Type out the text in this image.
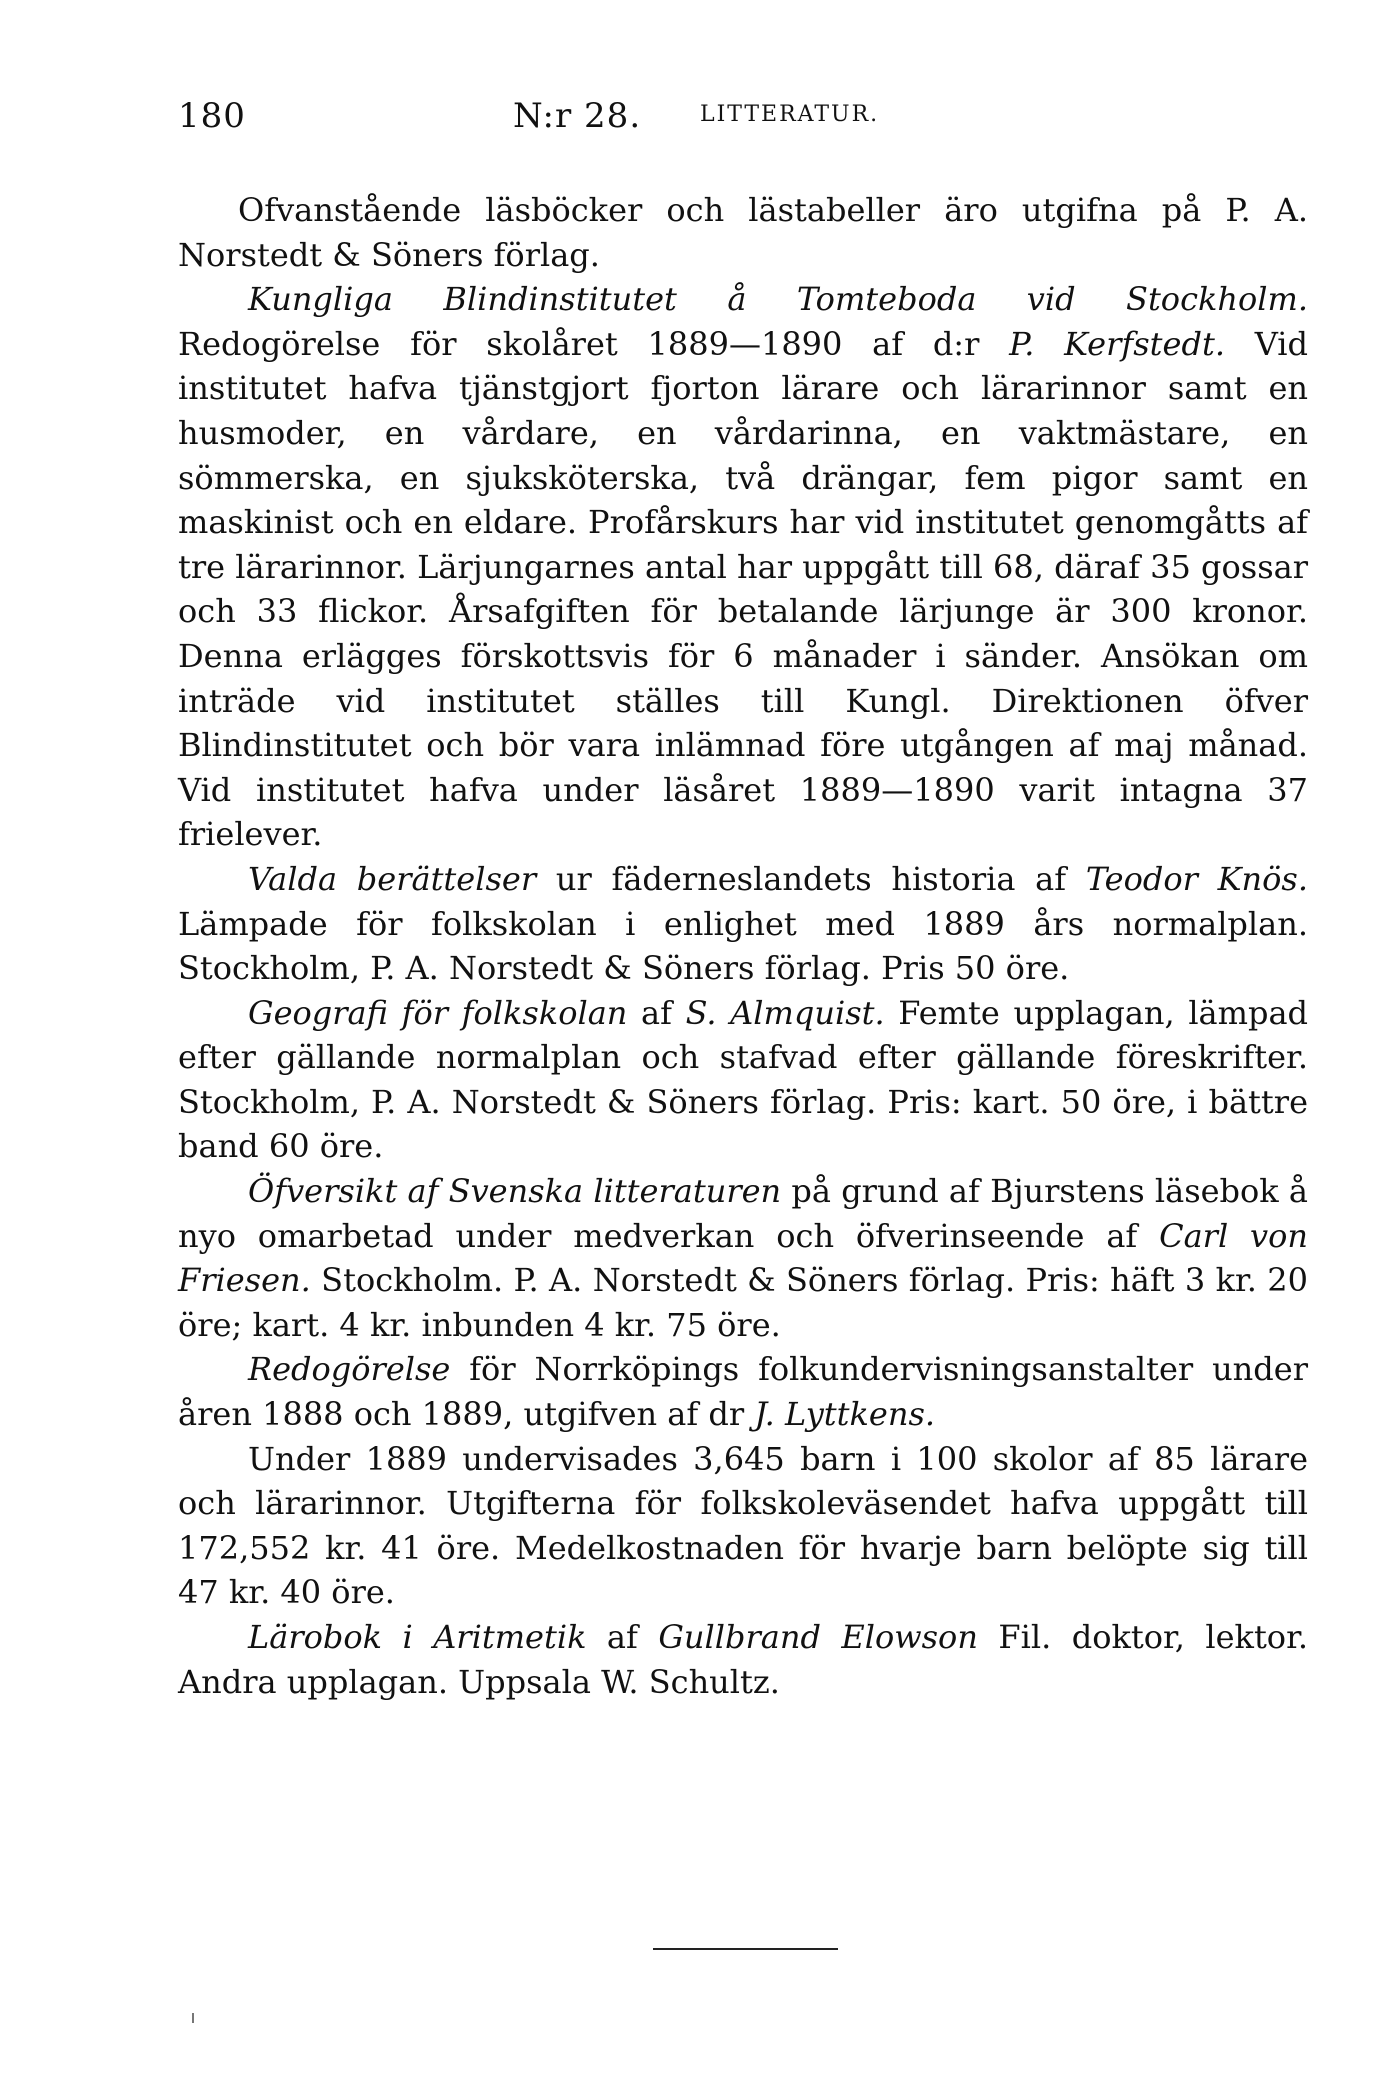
180	N:r 28.	LITTERATUR.

Ofvanstående läsböcker och lästabeller äro utgifna på P. A. Norstedt & Söners förlag.

Kungliga Blindinstitutet å Tomteboda vid Stockholm. Redogörelse för skolåret 1889—1890 af d:r P. Kerfstedt. Vid institutet hafva tjänstgjort fjorton lärare och lärarinnor samt en husmoder, en vårdare, en vårdarinna, en vaktmästare, en sömmerska, en sjuksköterska, två drängar, fem pigor samt en maskinist och en eldare. Profårskurs har vid institutet genomgåtts af tre lärarinnor. Lärjungarnes antal har uppgått till 68, däraf 35 gossar och 33 flickor. Årsafgiften för betalande lärjunge är 300 kronor. Denna erlägges förskottsvis för 6 månader i sänder. Ansökan om inträde vid institutet ställes till Kungl. Direktionen öfver Blindinstitutet och bör vara inlämnad före utgången af maj månad. Vid institutet hafva under läsåret 1889—1890 varit intagna 37 frielever.

Valda berättelser ur fäderneslandets historia af Teodor Knös. Lämpade för folkskolan i enlighet med 1889 års normalplan. Stockholm, P. A. Norstedt & Söners förlag. Pris 50 öre.

Geografi för folkskolan af S. Almquist. Femte upplagan, lämpad efter gällande normalplan och stafvad efter gällande föreskrifter. Stockholm, P. A. Norstedt & Söners förlag. Pris: kart. 50 öre, i bättre band 60 öre.

Öfversikt af Svenska litteraturen på grund af Bjurstens läsebok å nyo omarbetad under medverkan och öfverinseende af Carl von Friesen. Stockholm. P. A. Norstedt & Söners förlag. Pris: häft 3 kr. 20 öre; kart. 4 kr. inbunden 4 kr. 75 öre.

Redogörelse för Norrköpings folkundervisningsanstalter under åren 1888 och 1889, utgifven af dr J. Lyttkens.

Under 1889 undervisades 3,645 barn i 100 skolor af 85 lärare och lärarinnor. Utgifterna för folkskoleväsendet hafva uppgått till 172,552 kr. 41 öre. Medelkostnaden för hvarje barn belöpte sig till 47 kr. 40 öre.

Lärobok i Aritmetik af Gullbrand Elowson Fil. doktor, lektor. Andra upplagan. Uppsala W. Schultz.
